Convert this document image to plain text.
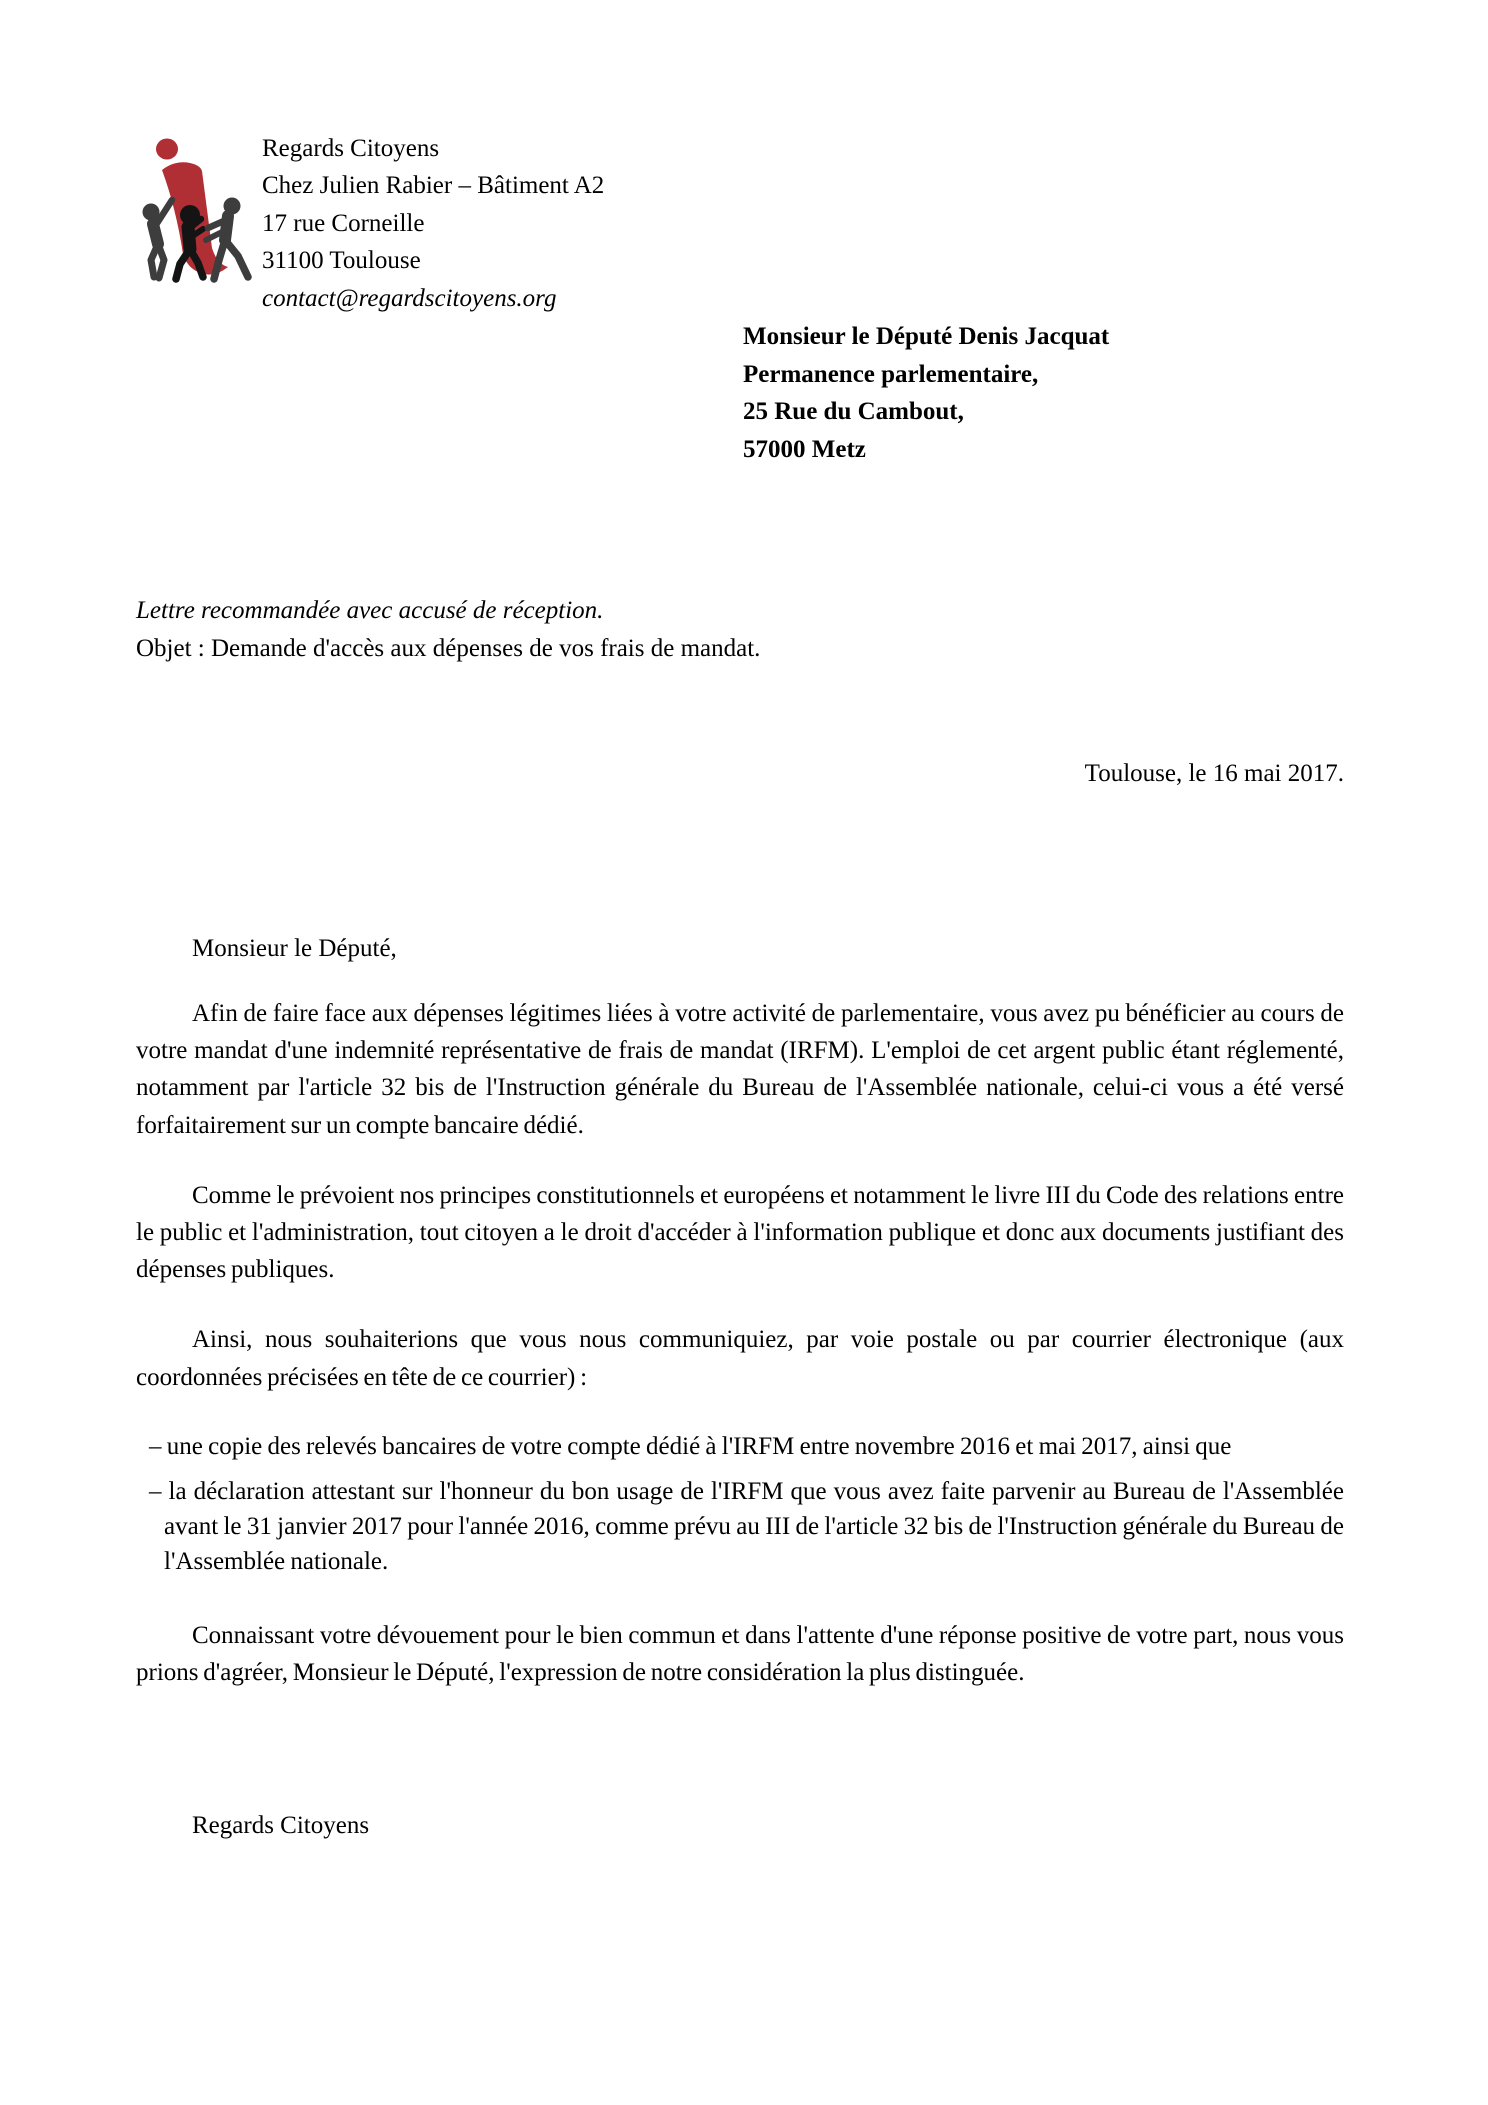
Regards Citoyens
Chez Julien Rabier – Bâtiment A2
17 rue Corneille
31100 Toulouse
contact@regardscitoyens.org
Monsieur le Député Denis Jacquat
Permanence parlementaire,
25 Rue du Cambout,
57000 Metz
Lettre recommandée avec accusé de réception.
Objet : Demande d'accès aux dépenses de vos frais de mandat.
Toulouse, le 16 mai 2017.
Monsieur le Député,

Afin de faire face aux dépenses légitimes liées à votre activité de parlementaire, vous avez pu bénéficier au cours de votre mandat d'une indemnité représentative de frais de mandat (IRFM). L'emploi de cet argent public étant réglementé, notamment par l'article 32 bis de l'Instruction générale du Bureau de l'Assemblée nationale, celui-ci vous a été versé forfaitairement sur un compte bancaire dédié.

Comme le prévoient nos principes constitutionnels et européens et notamment le livre III du Code des relations entre le public et l'administration, tout citoyen a le droit d'accéder à l'information publique et donc aux documents justifiant des dépenses publiques.

Ainsi, nous souhaiterions que vous nous communiquiez, par voie postale ou par courrier électronique (aux coordonnées précisées en tête de ce courrier) :

– une copie des relevés bancaires de votre compte dédié à l'IRFM entre novembre 2016 et mai 2017, ainsi que
– la déclaration attestant sur l'honneur du bon usage de l'IRFM que vous avez faite parvenir au Bureau de l'Assemblée avant le 31 janvier 2017 pour l'année 2016, comme prévu au III de l'article 32 bis de l'Instruction générale du Bureau de l'Assemblée nationale.

Connaissant votre dévouement pour le bien commun et dans l'attente d'une réponse positive de votre part, nous vous prions d'agréer, Monsieur le Député, l'expression de notre considération la plus distinguée.

Regards Citoyens
